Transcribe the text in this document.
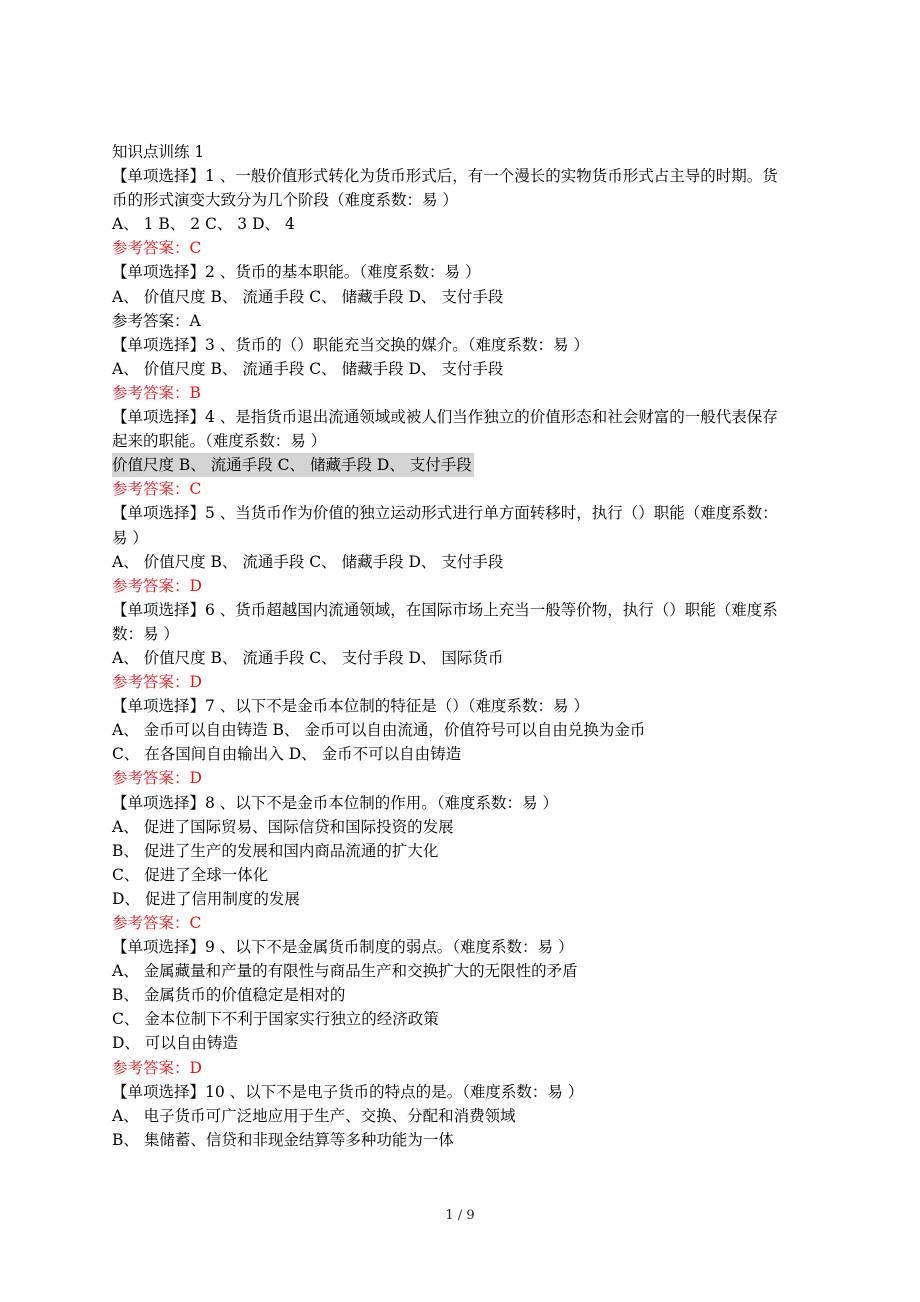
知识点训练 1
【单项选择】1 、一般价值形式转化为货币形式后，有一个漫长的实物货币形式占主导的时期。货
币的形式演变大致分为几个阶段（难度系数：易 ）
A、 1 B、 2 C、 3 D、 4
参考答案：C
【单项选择】2 、货币的基本职能。（难度系数：易 ）
A、 价值尺度 B、 流通手段 C、 储藏手段 D、 支付手段
参考答案：A
【单项选择】3 、货币的（）职能充当交换的媒介。（难度系数：易 ）
A、 价值尺度 B、 流通手段 C、 储藏手段 D、 支付手段
参考答案：B
【单项选择】4 、是指货币退出流通领域或被人们当作独立的价值形态和社会财富的一般代表保存
起来的职能。（难度系数：易 ）
价值尺度 B、 流通手段 C、 储藏手段 D、 支付手段
参考答案：C
【单项选择】5 、当货币作为价值的独立运动形式进行单方面转移时，执行（）职能（难度系数：
易 ）
A、 价值尺度 B、 流通手段 C、 储藏手段 D、 支付手段
参考答案：D
【单项选择】6 、货币超越国内流通领域，在国际市场上充当一般等价物，执行（）职能（难度系
数：易 ）
A、 价值尺度 B、 流通手段 C、 支付手段 D、 国际货币
参考答案：D
【单项选择】7 、以下不是金币本位制的特征是（）（难度系数：易 ）
A、 金币可以自由铸造 B、 金币可以自由流通，价值符号可以自由兑换为金币
C、 在各国间自由输出入 D、 金币不可以自由铸造
参考答案：D
【单项选择】8 、以下不是金币本位制的作用。（难度系数：易 ）
A、 促进了国际贸易、国际信贷和国际投资的发展
B、 促进了生产的发展和国内商品流通的扩大化
C、 促进了全球一体化
D、 促进了信用制度的发展
参考答案：C
【单项选择】9 、以下不是金属货币制度的弱点。（难度系数：易 ）
A、 金属藏量和产量的有限性与商品生产和交换扩大的无限性的矛盾
B、 金属货币的价值稳定是相对的
C、 金本位制下不利于国家实行独立的经济政策
D、 可以自由铸造
参考答案：D
【单项选择】10 、以下不是电子货币的特点的是。（难度系数：易 ）
A、 电子货币可广泛地应用于生产、交换、分配和消费领域
B、 集储蓄、信贷和非现金结算等多种功能为一体
1 / 9
